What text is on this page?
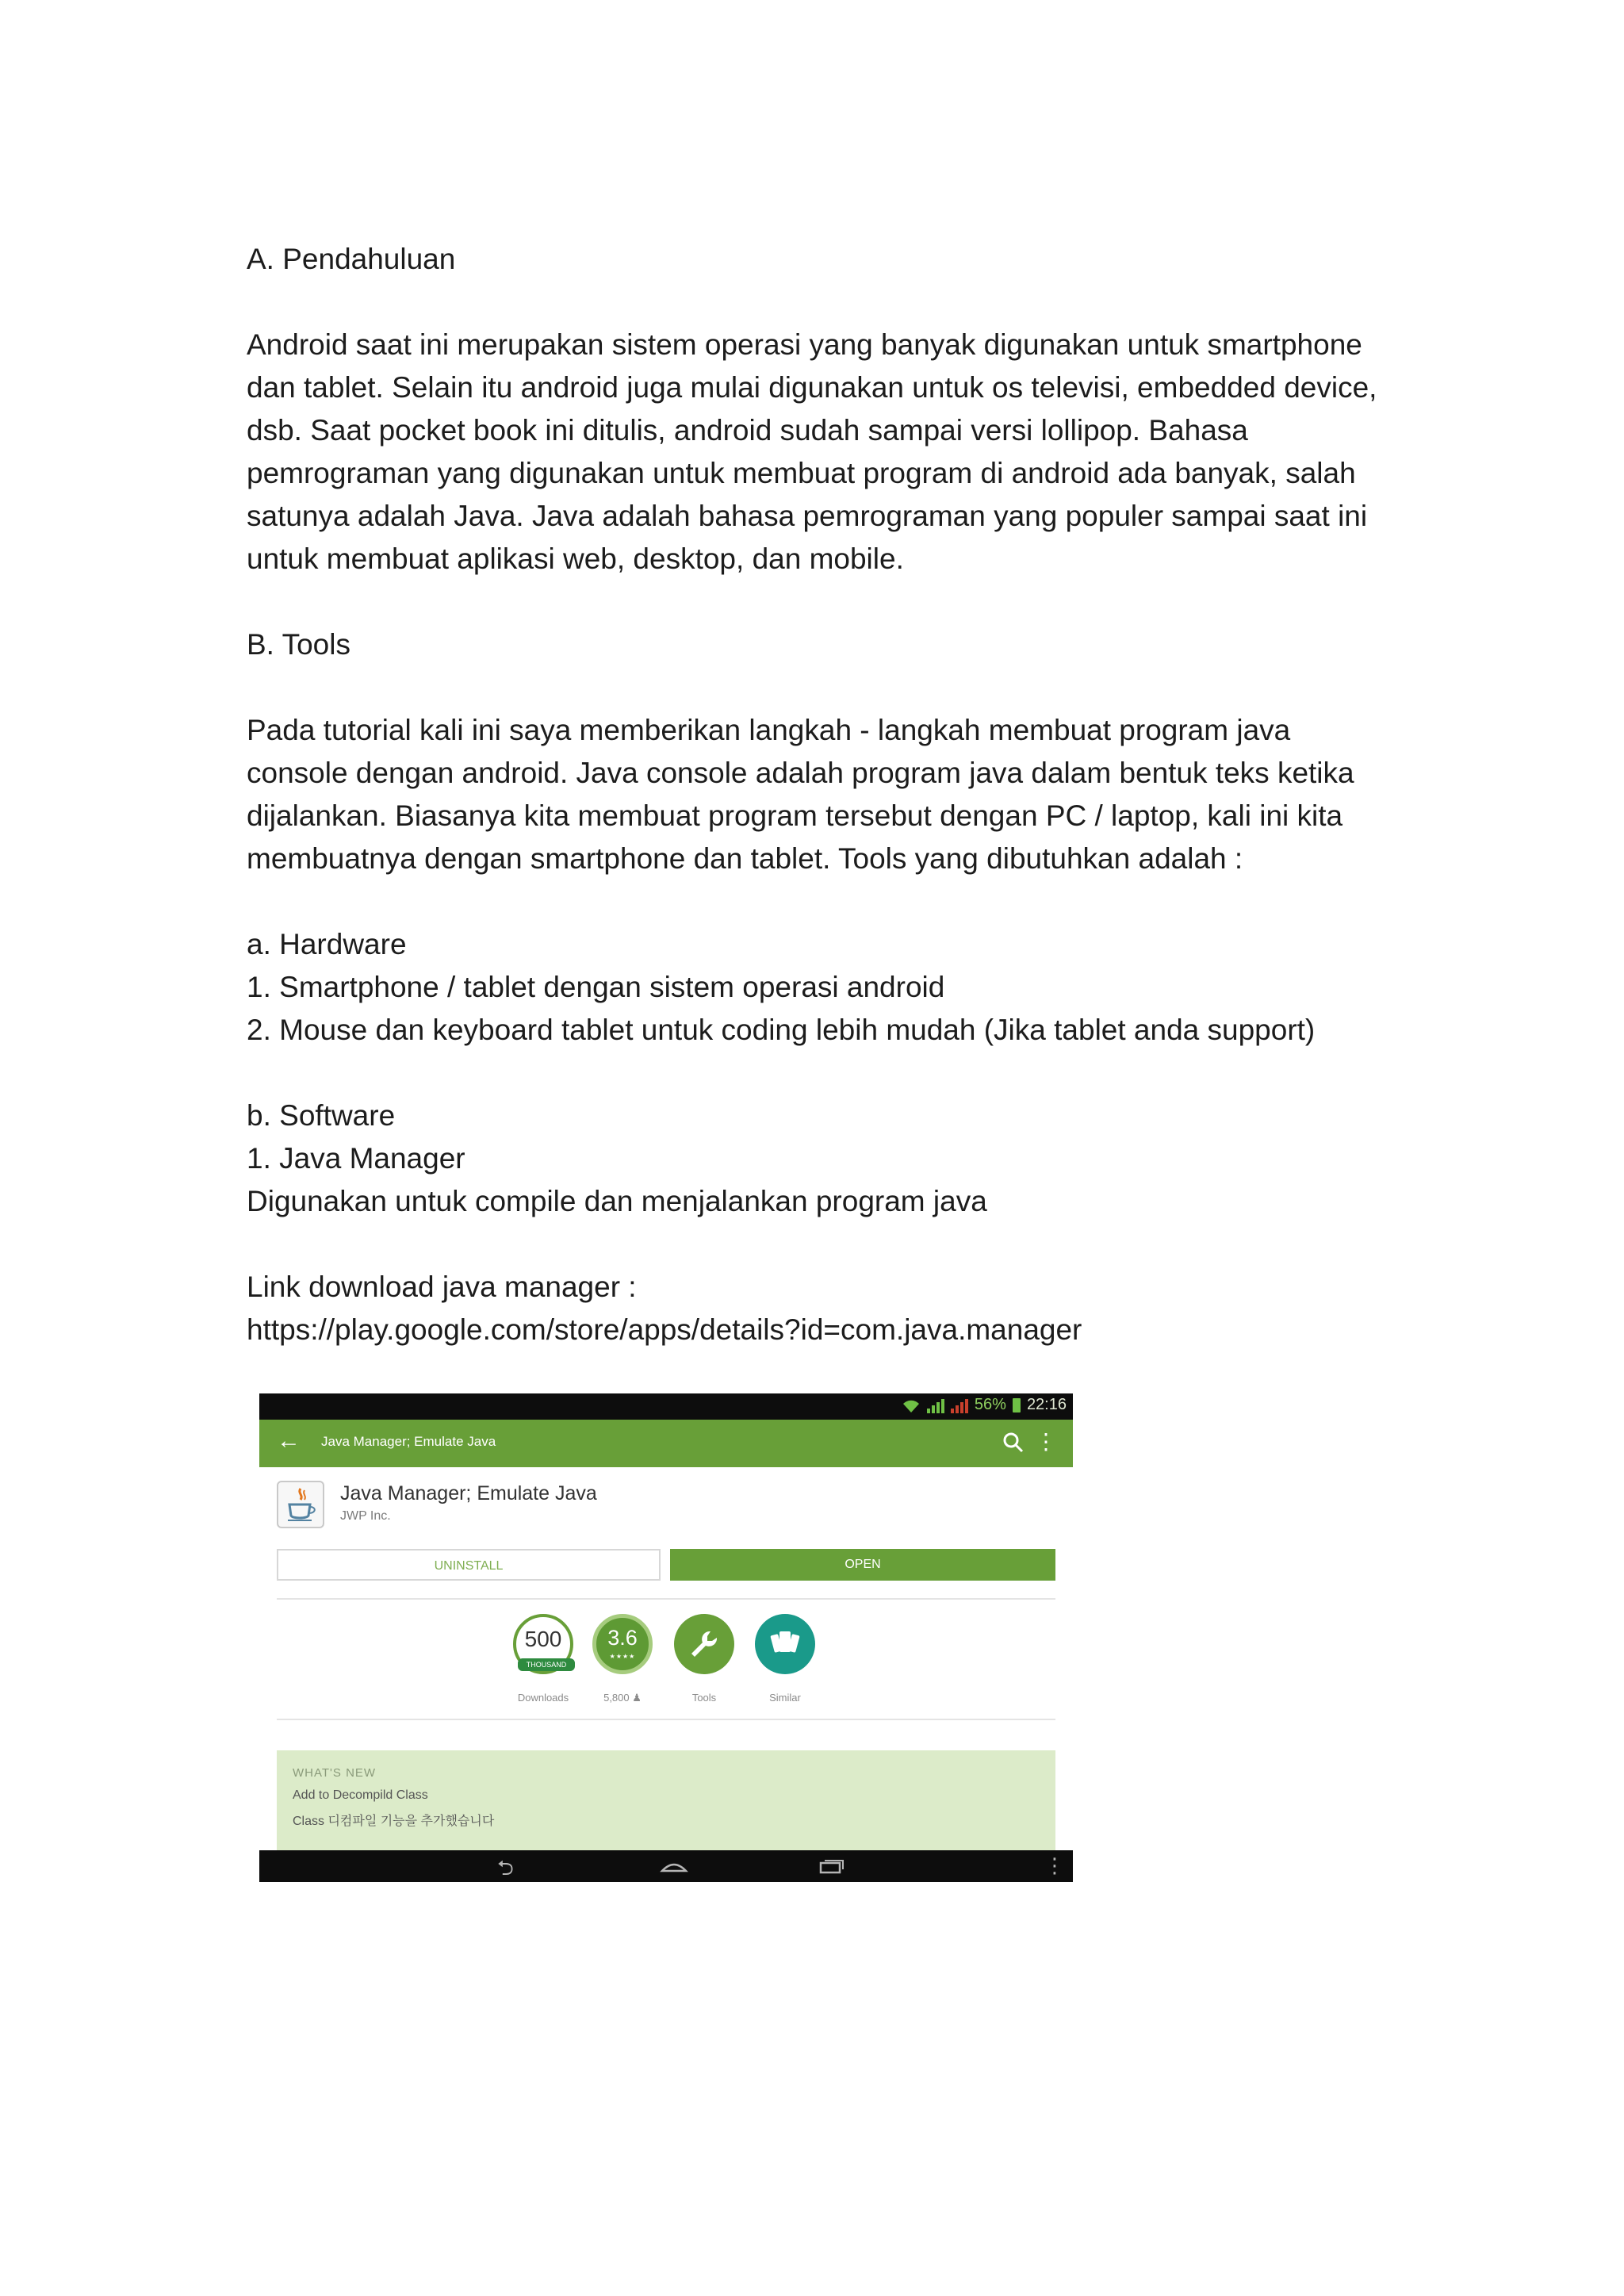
A. Pendahuluan

Android saat ini merupakan sistem operasi yang banyak digunakan untuk smartphone
dan tablet. Selain itu android juga mulai digunakan untuk os televisi, embedded device,
dsb. Saat pocket book ini ditulis, android sudah sampai versi lollipop. Bahasa
pemrograman yang digunakan untuk membuat program di android ada banyak, salah
satunya adalah Java. Java adalah bahasa pemrograman yang populer sampai saat ini
untuk membuat aplikasi web, desktop, dan mobile.

B. Tools

Pada tutorial kali ini saya memberikan langkah - langkah membuat program java
console dengan android. Java console adalah program java dalam bentuk teks ketika
dijalankan. Biasanya kita membuat program tersebut dengan PC / laptop, kali ini kita
membuatnya dengan smartphone dan tablet. Tools yang dibutuhkan adalah :

a. Hardware
1. Smartphone / tablet dengan sistem operasi android
2. Mouse dan keyboard tablet untuk coding lebih mudah (Jika tablet anda support)

b. Software
1. Java Manager
Digunakan untuk compile dan menjalankan program java

Link download java manager :
https://play.google.com/store/apps/details?id=com.java.manager

56% 22:16
← Java Manager; Emulate Java	⋮
Java Manager; Emulate Java
JWP Inc.
UNINSTALL	OPEN
500
THOUSAND
Downloads
3.6
★★★★
5,800 ♟	Tools	Similar
WHAT'S NEW
Add to Decompild Class
Class 디컴파일 기능을 추가했습니다
⮌	⋮
